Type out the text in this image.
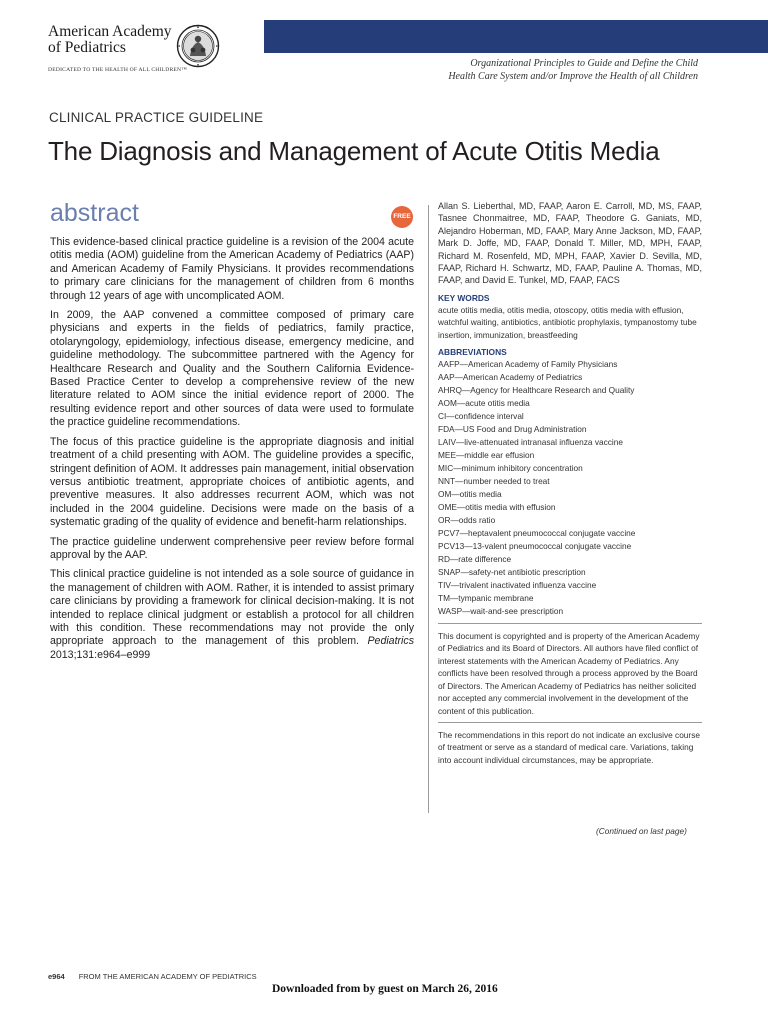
American Academy
of Pediatrics
DEDICATED TO THE HEALTH OF ALL CHILDREN™
Organizational Principles to Guide and Define the Child
Health Care System and/or Improve the Health of all Children
CLINICAL PRACTICE GUIDELINE
The Diagnosis and Management of Acute Otitis Media
abstract	FREE

This evidence-based clinical practice guideline is a revision of the 2004 acute otitis media (AOM) guideline from the American Academy of Pediatrics (AAP) and American Academy of Family Physicians. It provides recommendations to primary care clinicians for the management of children from 6 months through 12 years of age with uncomplicated AOM.

In 2009, the AAP convened a committee composed of primary care physicians and experts in the fields of pediatrics, family practice, otolaryngology, epidemiology, infectious disease, emergency medicine, and guideline methodology. The subcommittee partnered with the Agency for Healthcare Research and Quality and the Southern California Evidence-Based Practice Center to develop a comprehensive review of the new literature related to AOM since the initial evidence report of 2000. The resulting evidence report and other sources of data were used to formulate the practice guideline recommendations.

The focus of this practice guideline is the appropriate diagnosis and initial treatment of a child presenting with AOM. The guideline provides a specific, stringent definition of AOM. It addresses pain management, initial observation versus antibiotic treatment, appropriate choices of antibiotic agents, and preventive measures. It also addresses recurrent AOM, which was not included in the 2004 guideline. Decisions were made on the basis of a systematic grading of the quality of evidence and benefit-harm relationships.

The practice guideline underwent comprehensive peer review before formal approval by the AAP.

This clinical practice guideline is not intended as a sole source of guidance in the management of children with AOM. Rather, it is intended to assist primary care clinicians by providing a framework for clinical decision-making. It is not intended to replace clinical judgment or establish a protocol for all children with this condition. These recommendations may not provide the only appropriate approach to the management of this problem. Pediatrics 2013;131:e964–e999

Allan S. Lieberthal, MD, FAAP, Aaron E. Carroll, MD, MS, FAAP, Tasnee Chonmaitree, MD, FAAP, Theodore G. Ganiats, MD, Alejandro Hoberman, MD, FAAP, Mary Anne Jackson, MD, FAAP, Mark D. Joffe, MD, FAAP, Donald T. Miller, MD, MPH, FAAP, Richard M. Rosenfeld, MD, MPH, FAAP, Xavier D. Sevilla, MD, FAAP, Richard H. Schwartz, MD, FAAP, Pauline A. Thomas, MD, FAAP, and David E. Tunkel, MD, FAAP, FACS

KEY WORDS

acute otitis media, otitis media, otoscopy, otitis media with effusion, watchful waiting, antibiotics, antibiotic prophylaxis, tympanostomy tube insertion, immunization, breastfeeding

ABBREVIATIONS

AAFP—American Academy of Family Physicians
AAP—American Academy of Pediatrics
AHRQ—Agency for Healthcare Research and Quality
AOM—acute otitis media
CI—confidence interval
FDA—US Food and Drug Administration
LAIV—live-attenuated intranasal influenza vaccine
MEE—middle ear effusion
MIC—minimum inhibitory concentration
NNT—number needed to treat
OM—otitis media
OME—otitis media with effusion
OR—odds ratio
PCV7—heptavalent pneumococcal conjugate vaccine
PCV13—13-valent pneumococcal conjugate vaccine
RD—rate difference
SNAP—safety-net antibiotic prescription
TIV—trivalent inactivated influenza vaccine
TM—tympanic membrane
WASP—wait-and-see prescription

This document is copyrighted and is property of the American Academy of Pediatrics and its Board of Directors. All authors have filed conflict of interest statements with the American Academy of Pediatrics. Any conflicts have been resolved through a process approved by the Board of Directors. The American Academy of Pediatrics has neither solicited nor accepted any commercial involvement in the development of the content of this publication.

The recommendations in this report do not indicate an exclusive course of treatment or serve as a standard of medical care. Variations, taking into account individual circumstances, may be appropriate.

(Continued on last page)
e964 FROM THE AMERICAN ACADEMY OF PEDIATRICS
Downloaded from by guest on March 26, 2016
